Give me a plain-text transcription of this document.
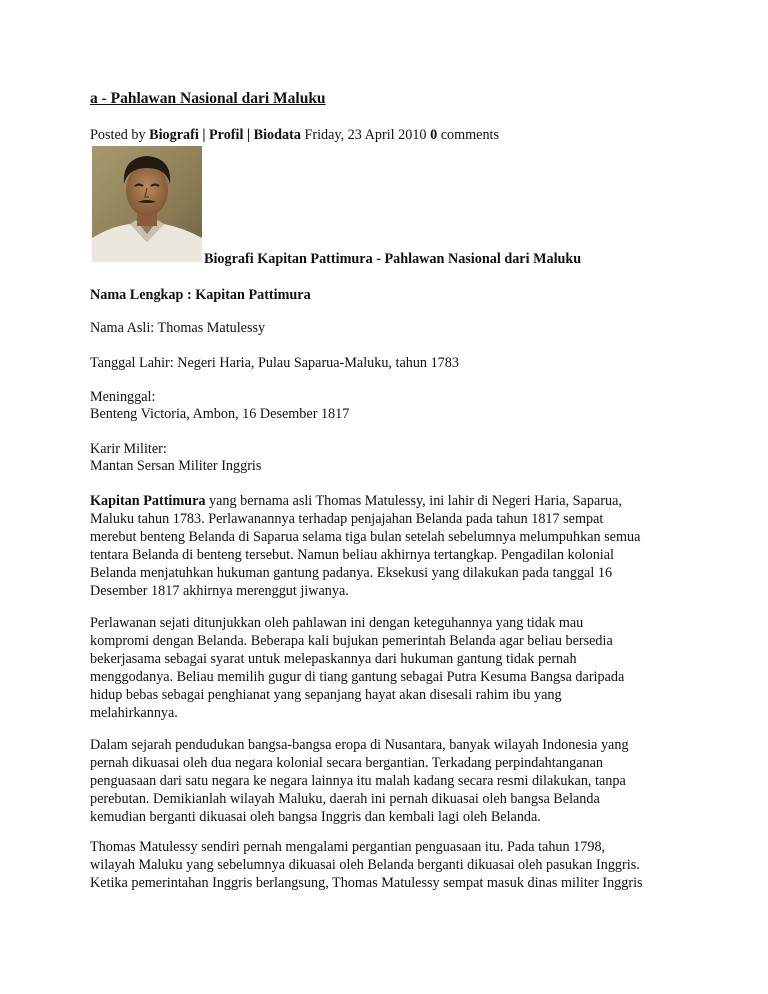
a - Pahlawan Nasional dari Maluku

Posted by Biografi | Profil | Biodata Friday, 23 April 2010 0 comments

Biografi Kapitan Pattimura - Pahlawan Nasional dari Maluku

Nama Lengkap : Kapitan Pattimura

Nama Asli: Thomas Matulessy

Tanggal Lahir: Negeri Haria, Pulau Saparua-Maluku, tahun 1783

Meninggal:

Benteng Victoria, Ambon, 16 Desember 1817

Karir Militer:

Mantan Sersan Militer Inggris

Kapitan Pattimura yang bernama asli Thomas Matulessy, ini lahir di Negeri Haria, Saparua,

Maluku tahun 1783. Perlawanannya terhadap penjajahan Belanda pada tahun 1817 sempat
merebut benteng Belanda di Saparua selama tiga bulan setelah sebelumnya melumpuhkan semua
tentara Belanda di benteng tersebut. Namun beliau akhirnya tertangkap. Pengadilan kolonial
Belanda menjatuhkan hukuman gantung padanya. Eksekusi yang dilakukan pada tanggal 16
Desember 1817 akhirnya merenggut jiwanya.

Perlawanan sejati ditunjukkan oleh pahlawan ini dengan keteguhannya yang tidak mau
kompromi dengan Belanda. Beberapa kali bujukan pemerintah Belanda agar beliau bersedia
bekerjasama sebagai syarat untuk melepaskannya dari hukuman gantung tidak pernah
menggodanya. Beliau memilih gugur di tiang gantung sebagai Putra Kesuma Bangsa daripada
hidup bebas sebagai penghianat yang sepanjang hayat akan disesali rahim ibu yang
melahirkannya.

Dalam sejarah pendudukan bangsa-bangsa eropa di Nusantara, banyak wilayah Indonesia yang
pernah dikuasai oleh dua negara kolonial secara bergantian. Terkadang perpindahtanganan
penguasaan dari satu negara ke negara lainnya itu malah kadang secara resmi dilakukan, tanpa
perebutan. Demikianlah wilayah Maluku, daerah ini pernah dikuasai oleh bangsa Belanda
kemudian berganti dikuasai oleh bangsa Inggris dan kembali lagi oleh Belanda.

Thomas Matulessy sendiri pernah mengalami pergantian penguasaan itu. Pada tahun 1798,
wilayah Maluku yang sebelumnya dikuasai oleh Belanda berganti dikuasai oleh pasukan Inggris.
Ketika pemerintahan Inggris berlangsung, Thomas Matulessy sempat masuk dinas militer Inggris
